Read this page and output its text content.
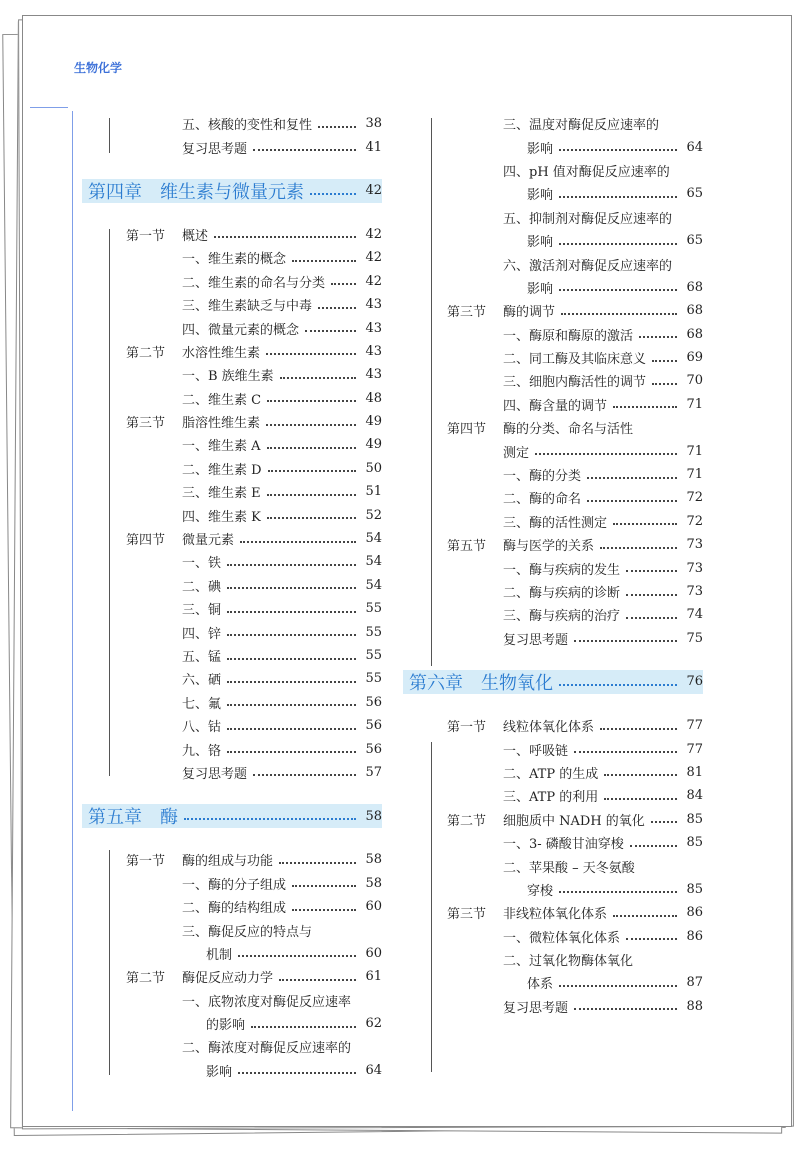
生物化学
五、核酸的变性和复性	38
复习思考题	41
第四章　维生素与微量元素	42
第一节	概述	42
一、维生素的概念	42
二、维生素的命名与分类	42
三、维生素缺乏与中毒	43
四、微量元素的概念	43
第二节	水溶性维生素	43
一、B 族维生素	43
二、维生素 C	48
第三节	脂溶性维生素	49
一、维生素 A	49
二、维生素 D	50
三、维生素 E	51
四、维生素 K	52
第四节	微量元素	54
一、铁	54
二、碘	54
三、铜	55
四、锌	55
五、锰	55
六、硒	55
七、氟	56
八、钴	56
九、铬	56
复习思考题	57
第五章　酶	58
第一节	酶的组成与功能	58
一、酶的分子组成	58
二、酶的结构组成	60
三、酶促反应的特点与
机制	60
第二节	酶促反应动力学	61
一、底物浓度对酶促反应速率
的影响	62
二、酶浓度对酶促反应速率的
影响	64
三、温度对酶促反应速率的
影响	64
四、pH 值对酶促反应速率的
影响	65
五、抑制剂对酶促反应速率的
影响	65
六、激活剂对酶促反应速率的
影响	68
第三节	酶的调节	68
一、酶原和酶原的激活	68
二、同工酶及其临床意义	69
三、细胞内酶活性的调节	70
四、酶含量的调节	71
第四节	酶的分类、命名与活性
测定	71
一、酶的分类	71
二、酶的命名	72
三、酶的活性测定	72
第五节	酶与医学的关系	73
一、酶与疾病的发生	73
二、酶与疾病的诊断	73
三、酶与疾病的治疗	74
复习思考题	75
第六章　生物氧化	76
第一节	线粒体氧化体系	77
一、呼吸链	77
二、ATP 的生成	81
三、ATP 的利用	84
第二节	细胞质中 NADH 的氧化	85
一、3- 磷酸甘油穿梭	85
二、苹果酸 – 天冬氨酸
穿梭	85
第三节	非线粒体氧化体系	86
一、微粒体氧化体系	86
二、过氧化物酶体氧化
体系	87
复习思考题	88
